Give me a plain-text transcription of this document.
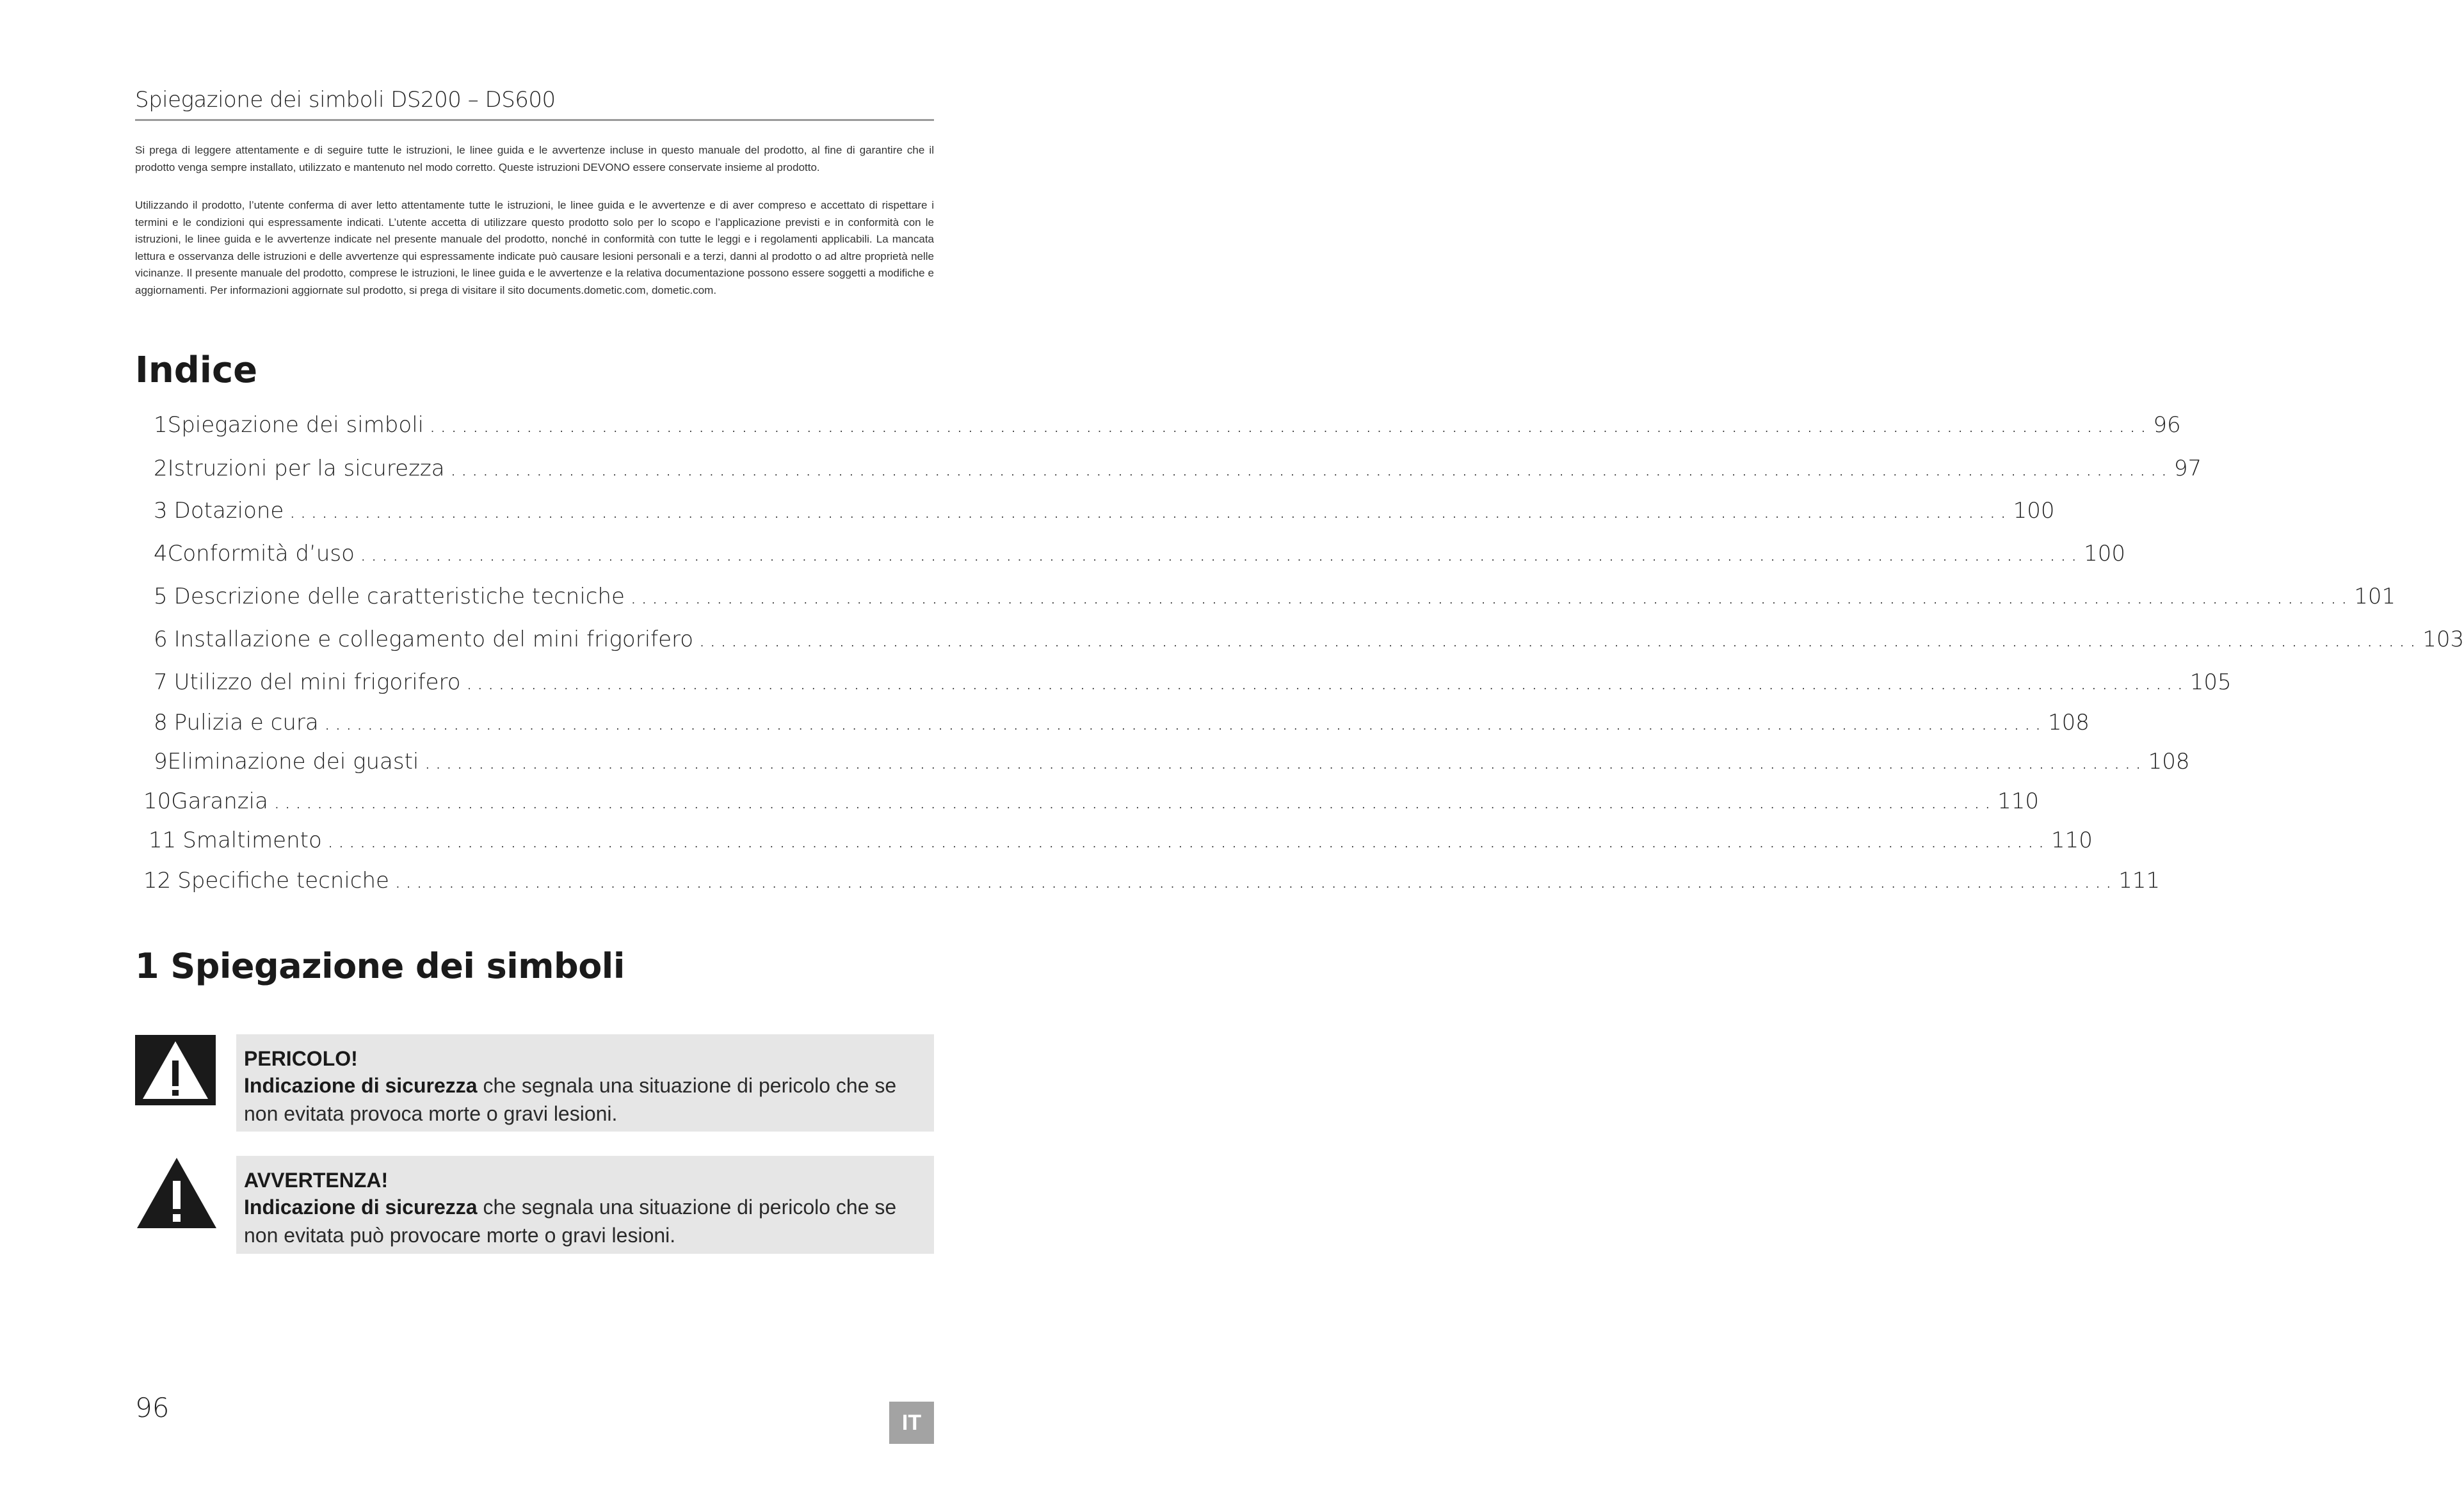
Spiegazione dei simboli DS200 – DS600
Si prega di leggere attentamente e di seguire tutte le istruzioni, le linee guida e le avvertenze incluse in questo manuale del prodotto, al fine di garantire che il prodotto venga sempre installato, utilizzato e mantenuto nel modo corretto. Queste istruzioni DEVONO essere conservate insieme al prodotto.
Utilizzando il prodotto, l’utente conferma di aver letto attentamente tutte le istruzioni, le linee guida e le avvertenze e di aver compreso e accettato di rispettare i termini e le condizioni qui espressamente indicati. L’utente accetta di utilizzare questo prodotto solo per lo scopo e l’applicazione previsti e in conformità con le istruzioni, le linee guida e le avvertenze indicate nel presente manuale del prodotto, nonché in conformità con tutte le leggi e i regolamenti applicabili. La mancata lettura e osservanza delle istruzioni e delle avvertenze qui espressamente indicate può causare lesioni personali e a terzi, danni al prodotto o ad altre proprietà nelle vicinanze. Il presente manuale del prodotto, comprese le istruzioni, le linee guida e le avvertenze e la relativa documentazione possono essere soggetti a modifiche e aggiornamenti. Per informazioni aggiornate sul prodotto, si prega di visitare il sito documents.dometic.com, dometic.com.
Indice
1 Spiegazione dei simboli ................................................................................................................................................................ 96
2 Istruzioni per la sicurezza ................................................................................................................................................................ 97
3 Dotazione ................................................................................................................................................................ 100
4 Conformità d’uso ................................................................................................................................................................ 100
5 Descrizione delle caratteristiche tecniche ................................................................................................................................................................ 101
6 Installazione e collegamento del mini frigorifero ................................................................................................................................................................ 103
7 Utilizzo del mini frigorifero ................................................................................................................................................................ 105
8 Pulizia e cura ................................................................................................................................................................ 108
9 Eliminazione dei guasti ................................................................................................................................................................ 108
10 Garanzia ................................................................................................................................................................ 110
11 Smaltimento ................................................................................................................................................................ 110
12 Specifiche tecniche ................................................................................................................................................................ 111
1 Spiegazione dei simboli
PERICOLO!
Indicazione di sicurezza che segnala una situazione di pericolo che se non evitata provoca morte o gravi lesioni.
AVVERTENZA!
Indicazione di sicurezza che segnala una situazione di pericolo che se non evitata può provocare morte o gravi lesioni.
96	IT
